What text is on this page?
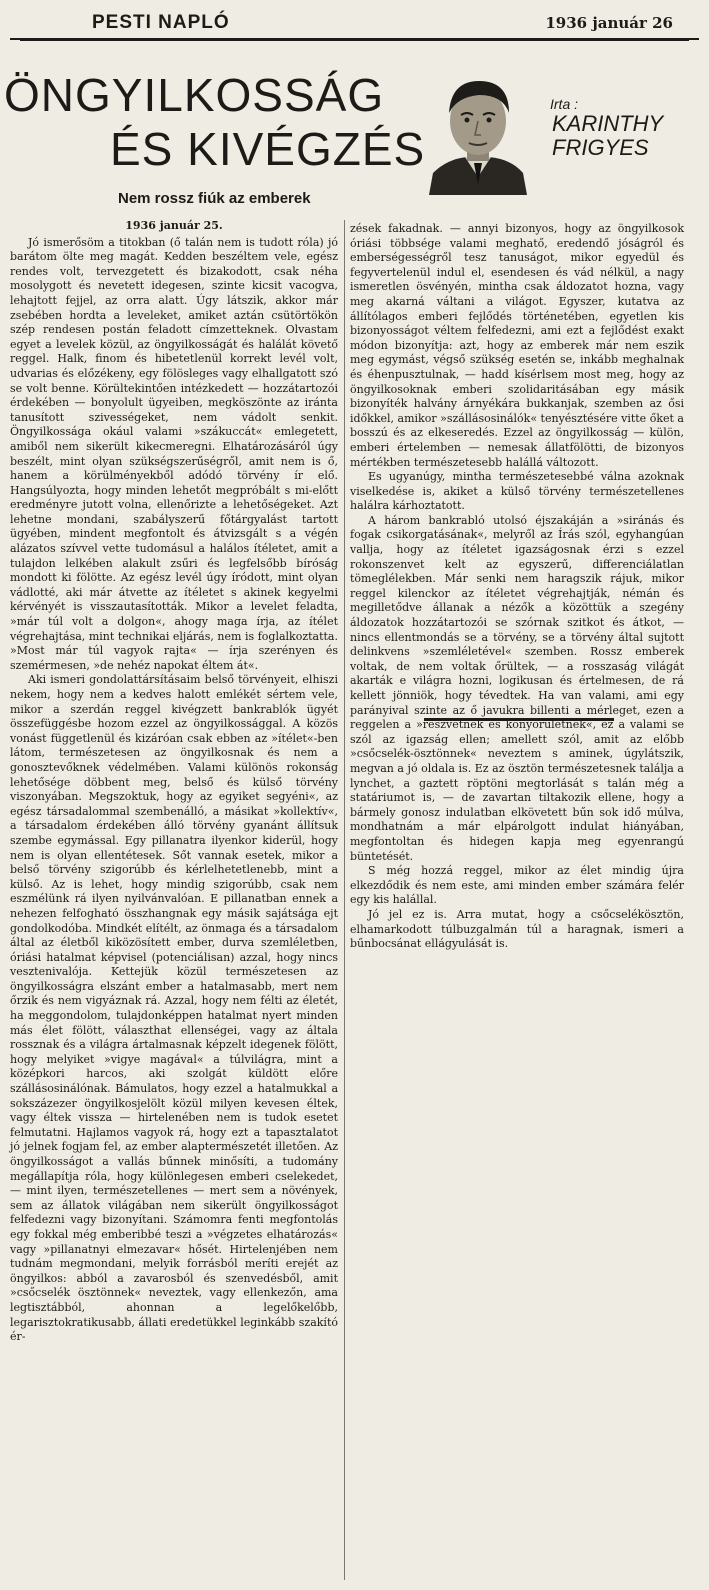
PESTI NAPLÓ	1936 január 26
ÖNGYILKOSSÁG
ÉS KIVÉGZÉS
Nem rossz fiúk az emberek
Irta :
KARINTHY
FRIGYES

1936 január 25.

Jó ismerősöm a titokban (ő talán nem is tudott róla) jó barátom ölte meg magát. Kedden beszéltem vele, egész rendes volt, tervezgetett és bizakodott, csak néha mosolygott és nevetett idegesen, szinte kicsit vacogva, lehajtott fejjel, az orra alatt. Úgy látszik, akkor már zsebében hordta a leveleket, amiket aztán csütörtökön szép rendesen postán feladott címzetteknek. Olvastam egyet a levelek közül, az öngyilkosságát és halálát követő reggel. Halk, finom és hibetetlenül korrekt levél volt, udvarias és előzékeny, egy fölösleges vagy elhallgatott szó se volt benne. Körültekintően intézkedett — hozzátartozói érdekében — bonyolult ügyeiben, megköszönte az iránta tanusított szivességeket, nem vádolt senkit. Öngyilkossága okául valami »szákuccát« emlegetett, amiből nem sikerült kikecmeregni. Elhatározásáról úgy beszélt, mint olyan szükségszerűségről, amit nem is ő, hanem a körülményekből adódó törvény ír elő. Hangsúlyozta, hogy minden lehetőt megpróbált s mi-előtt eredményre jutott volna, ellenőrizte a lehetőségeket. Azt lehetne mondani, szabályszerű főtárgyalást tartott ügyében, mindent megfontolt és átvizsgált s a végén alázatos szívvel vette tudomásul a halálos ítéletet, amit a tulajdon lelkében alakult zsűri és legfelsőbb bíróság mondott ki fölötte. Az egész levél úgy íródott, mint olyan vádlotté, aki már átvette az ítéletet s akinek kegyelmi kérvényét is visszautasították. Mikor a levelet feladta, »már túl volt a dolgon«, ahogy maga írja, az ítélet végrehajtása, mint technikai eljárás, nem is foglalkoztatta. »Most már túl vagyok rajta« — írja szerényen és szemérmesen, »de nehéz napokat éltem át«.

Aki ismeri gondolattársításaim belső törvényeit, elhiszi nekem, hogy nem a kedves halott emlékét sértem vele, mikor a szerdán reggel kivégzett bankrablók ügyét összefüggésbe hozom ezzel az öngyilkossággal. A közös vonást függetlenül és kizáróan csak ebben az »ítélet«-ben látom, természetesen az öngyilkosnak és nem a gonosztevőknek védelmében. Valami különös rokonság lehetősége döbbent meg, belső és külső törvény viszonyában. Megszoktuk, hogy az egyiket segyéni«, az egész társadalommal szembenálló, a másikat »kollektív«, a társadalom érdekében álló törvény gyanánt állítsuk szembe egymással. Egy pillanatra ilyenkor kiderül, hogy nem is olyan ellentétesek. Sőt vannak esetek, mikor a belső törvény szigorúbb és kérlelhetetlenebb, mint a külső. Az is lehet, hogy mindig szigorúbb, csak nem eszmélünk rá ilyen nyilvánvalóan. E pillanatban ennek a nehezen felfogható összhangnak egy másik sajátsága ejt gondolkodóba. Mindkét elítélt, az önmaga és a társadalom által az életből kiközösített ember, durva szemléletben, óriási hatalmat képvisel (potenciálisan) azzal, hogy nincs vesztenivalója. Kettejük közül természetesen az öngyilkosságra elszánt ember a hatalmasabb, mert nem őrzik és nem vigyáznak rá. Azzal, hogy nem félti az életét, ha meggondolom, tulajdonképpen hatalmat nyert minden más élet fölött, választhat ellenségei, vagy az általa rossznak és a világra ártalmasnak képzelt idegenek fölött, hogy melyiket »vigye magával« a túlvilágra, mint a középkori harcos, aki szolgát küldött előre szállásosinálónak. Bámulatos, hogy ezzel a hatalmukkal a sokszázezer öngyilkosjelölt közül milyen kevesen éltek, vagy éltek vissza — hirtelenében nem is tudok esetet felmutatni. Hajlamos vagyok rá, hogy ezt a tapasztalatot jó jelnek fogjam fel, az ember alaptermészetét illetően. Az öngyilkosságot a vallás bűnnek minősíti, a tudomány megállapítja róla, hogy különlegesen emberi cselekedet, — mint ilyen, természetellenes — mert sem a növények, sem az állatok világában nem sikerült öngyilkosságot felfedezni vagy bizonyítani. Számomra fenti megfontolás egy fokkal még emberibbé teszi a »végzetes elhatározás« vagy »pillanatnyi elmezavar« hősét. Hirtelenjében nem tudnám megmondani, melyik forrásból meríti erejét az öngyilkos: abból a zavarosból és szenvedésből, amit »csőcselék ösztönnek« neveztek, vagy ellenkezőn, ama legtisztábból, ahonnan a legelőkelőbb, legarisztokratikusabb, állati eredetükkel leginkább szakító ér-

zések fakadnak. — annyi bizonyos, hogy az öngyilkosok óriási többsége valami meghatő, eredendő jóságról és emberségességről tesz tanuságot, mikor egyedül és fegyvertelenül indul el, esendesen és vád nélkül, a nagy ismeretlen ösvényén, mintha csak áldozatot hozna, vagy meg akarná váltani a világot. Egyszer, kutatva az állítólagos emberi fejlődés történetében, egyetlen kis bizonyosságot véltem felfedezni, ami ezt a fejlődést exakt módon bizonyítja: azt, hogy az emberek már nem eszik meg egymást, végső szükség esetén se, inkább meghalnak és éhenpusztulnak, — hadd kísérlsem most meg, hogy az öngyilkosoknak emberi szolidaritásában egy másik bizonyíték halvány árnyékára bukkanjak, szemben az ősi időkkel, amikor »szállásosinálók« tenyésztésére vitte őket a bosszú és az elkeseredés. Ezzel az öngyilkosság — külön, emberi értelemben — nemesak állatfölötti, de bizonyos mértékben természetesebb halállá változott.

Es ugyanúgy, mintha természetesebbé válna azoknak viselkedése is, akiket a külső törvény természetellenes halálra kárhoztatott.

A három bankrabló utolsó éjszakáján a »siránás és fogak csikorgatásának«, melyről az Írás szól, egyhangúan vallja, hogy az ítéletet igazságosnak érzi s ezzel rokonszenvet kelt az egyszerű, differenciálatlan tömeglélekben. Már senki nem haragszik rájuk, mikor reggel kilenckor az ítéletet végrehajtják, némán és megilletődve állanak a nézők a közöttük a szegény áldozatok hozzátartozói se szórnak szitkot és átkot, — nincs ellentmondás se a törvény, se a törvény által sujtott delinkvens »szemléletével« szemben. Rossz emberek voltak, de nem voltak őrültek, — a rosszaság világát akarták e világra hozni, logikusan és értelmesen, de rá kellett jönniök, hogy tévedtek. Ha van valami, ami egy parányival szinte az ő javukra billenti a mérleget, ezen a reggelen a »részvétnek és könyörületnek«, ez a valami se szól az igazság ellen; amellett szól, amit az előbb »csőcselék-ösztönnek« neveztem s aminek, úgylátszik, megvan a jó oldala is. Ez az ösztön természetesnek találja a lynchet, a gaztett röptöni megtorlását s talán még a statáriumot is, — de zavartan tiltakozik ellene, hogy a bármely gonosz indulatban elkövetett bűn sok idő múlva, mondhatnám a már elpárolgott indulat hiányában, megfontoltan és hidegen kapja meg egyenrangú büntetését.

S még hozzá reggel, mikor az élet mindig újra elkezdődik és nem este, ami minden ember számára felér egy kis halállal.

Jó jel ez is. Arra mutat, hogy a csőcselékösztön, elhamarkodott túlbuzgalmán túl a haragnak, ismeri a bűnbocsánat ellágyulását is.
